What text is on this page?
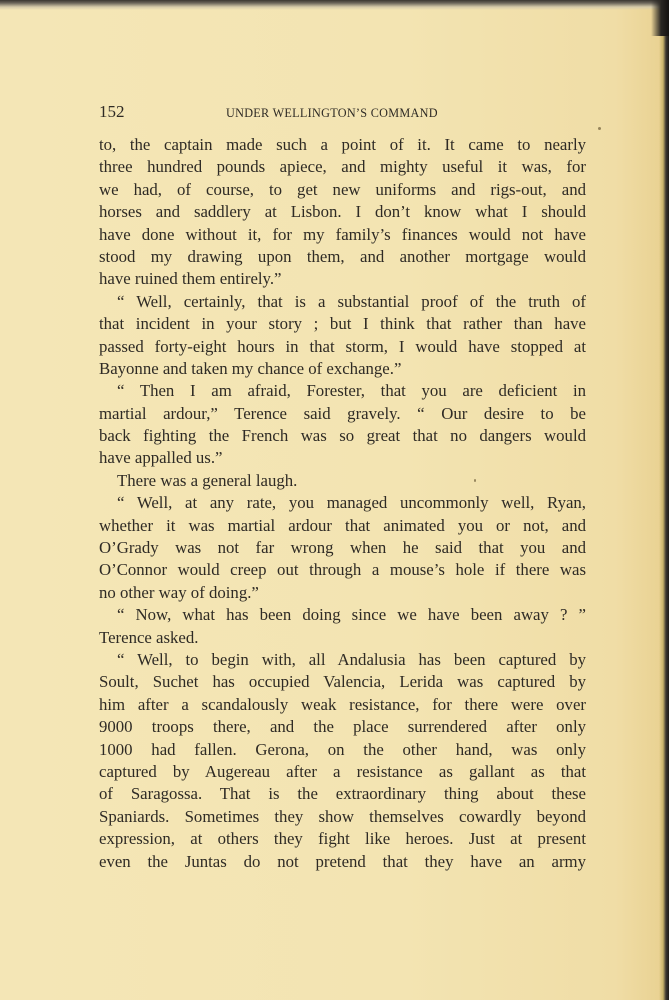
152	UNDER WELLINGTON’S COMMAND
to, the captain made such a point of it. It came to nearly
three hundred pounds apiece, and mighty useful it was, for
we had, of course, to get new uniforms and rigs-out, and
horses and saddlery at Lisbon. I don’t know what I should
have done without it, for my family’s finances would not have
stood my drawing upon them, and another mortgage would
have ruined them entirely.”
“ Well, certainly, that is a substantial proof of the truth of
that incident in your story ; but I think that rather than have
passed forty-eight hours in that storm, I would have stopped at
Bayonne and taken my chance of exchange.”
“ Then I am afraid, Forester, that you are deficient in
martial ardour,” Terence said gravely. “ Our desire to be
back fighting the French was so great that no dangers would
have appalled us.”
There was a general laugh.
“ Well, at any rate, you managed uncommonly well, Ryan,
whether it was martial ardour that animated you or not, and
O’Grady was not far wrong when he said that you and
O’Connor would creep out through a mouse’s hole if there was
no other way of doing.”
“ Now, what has been doing since we have been away ? ”
Terence asked.
“ Well, to begin with, all Andalusia has been captured by
Soult, Suchet has occupied Valencia, Lerida was captured by
him after a scandalously weak resistance, for there were over
9000 troops there, and the place surrendered after only
1000 had fallen. Gerona, on the other hand, was only
captured by Augereau after a resistance as gallant as that
of Saragossa. That is the extraordinary thing about these
Spaniards. Sometimes they show themselves cowardly beyond
expression, at others they fight like heroes. Just at present
even the Juntas do not pretend that they have an army
